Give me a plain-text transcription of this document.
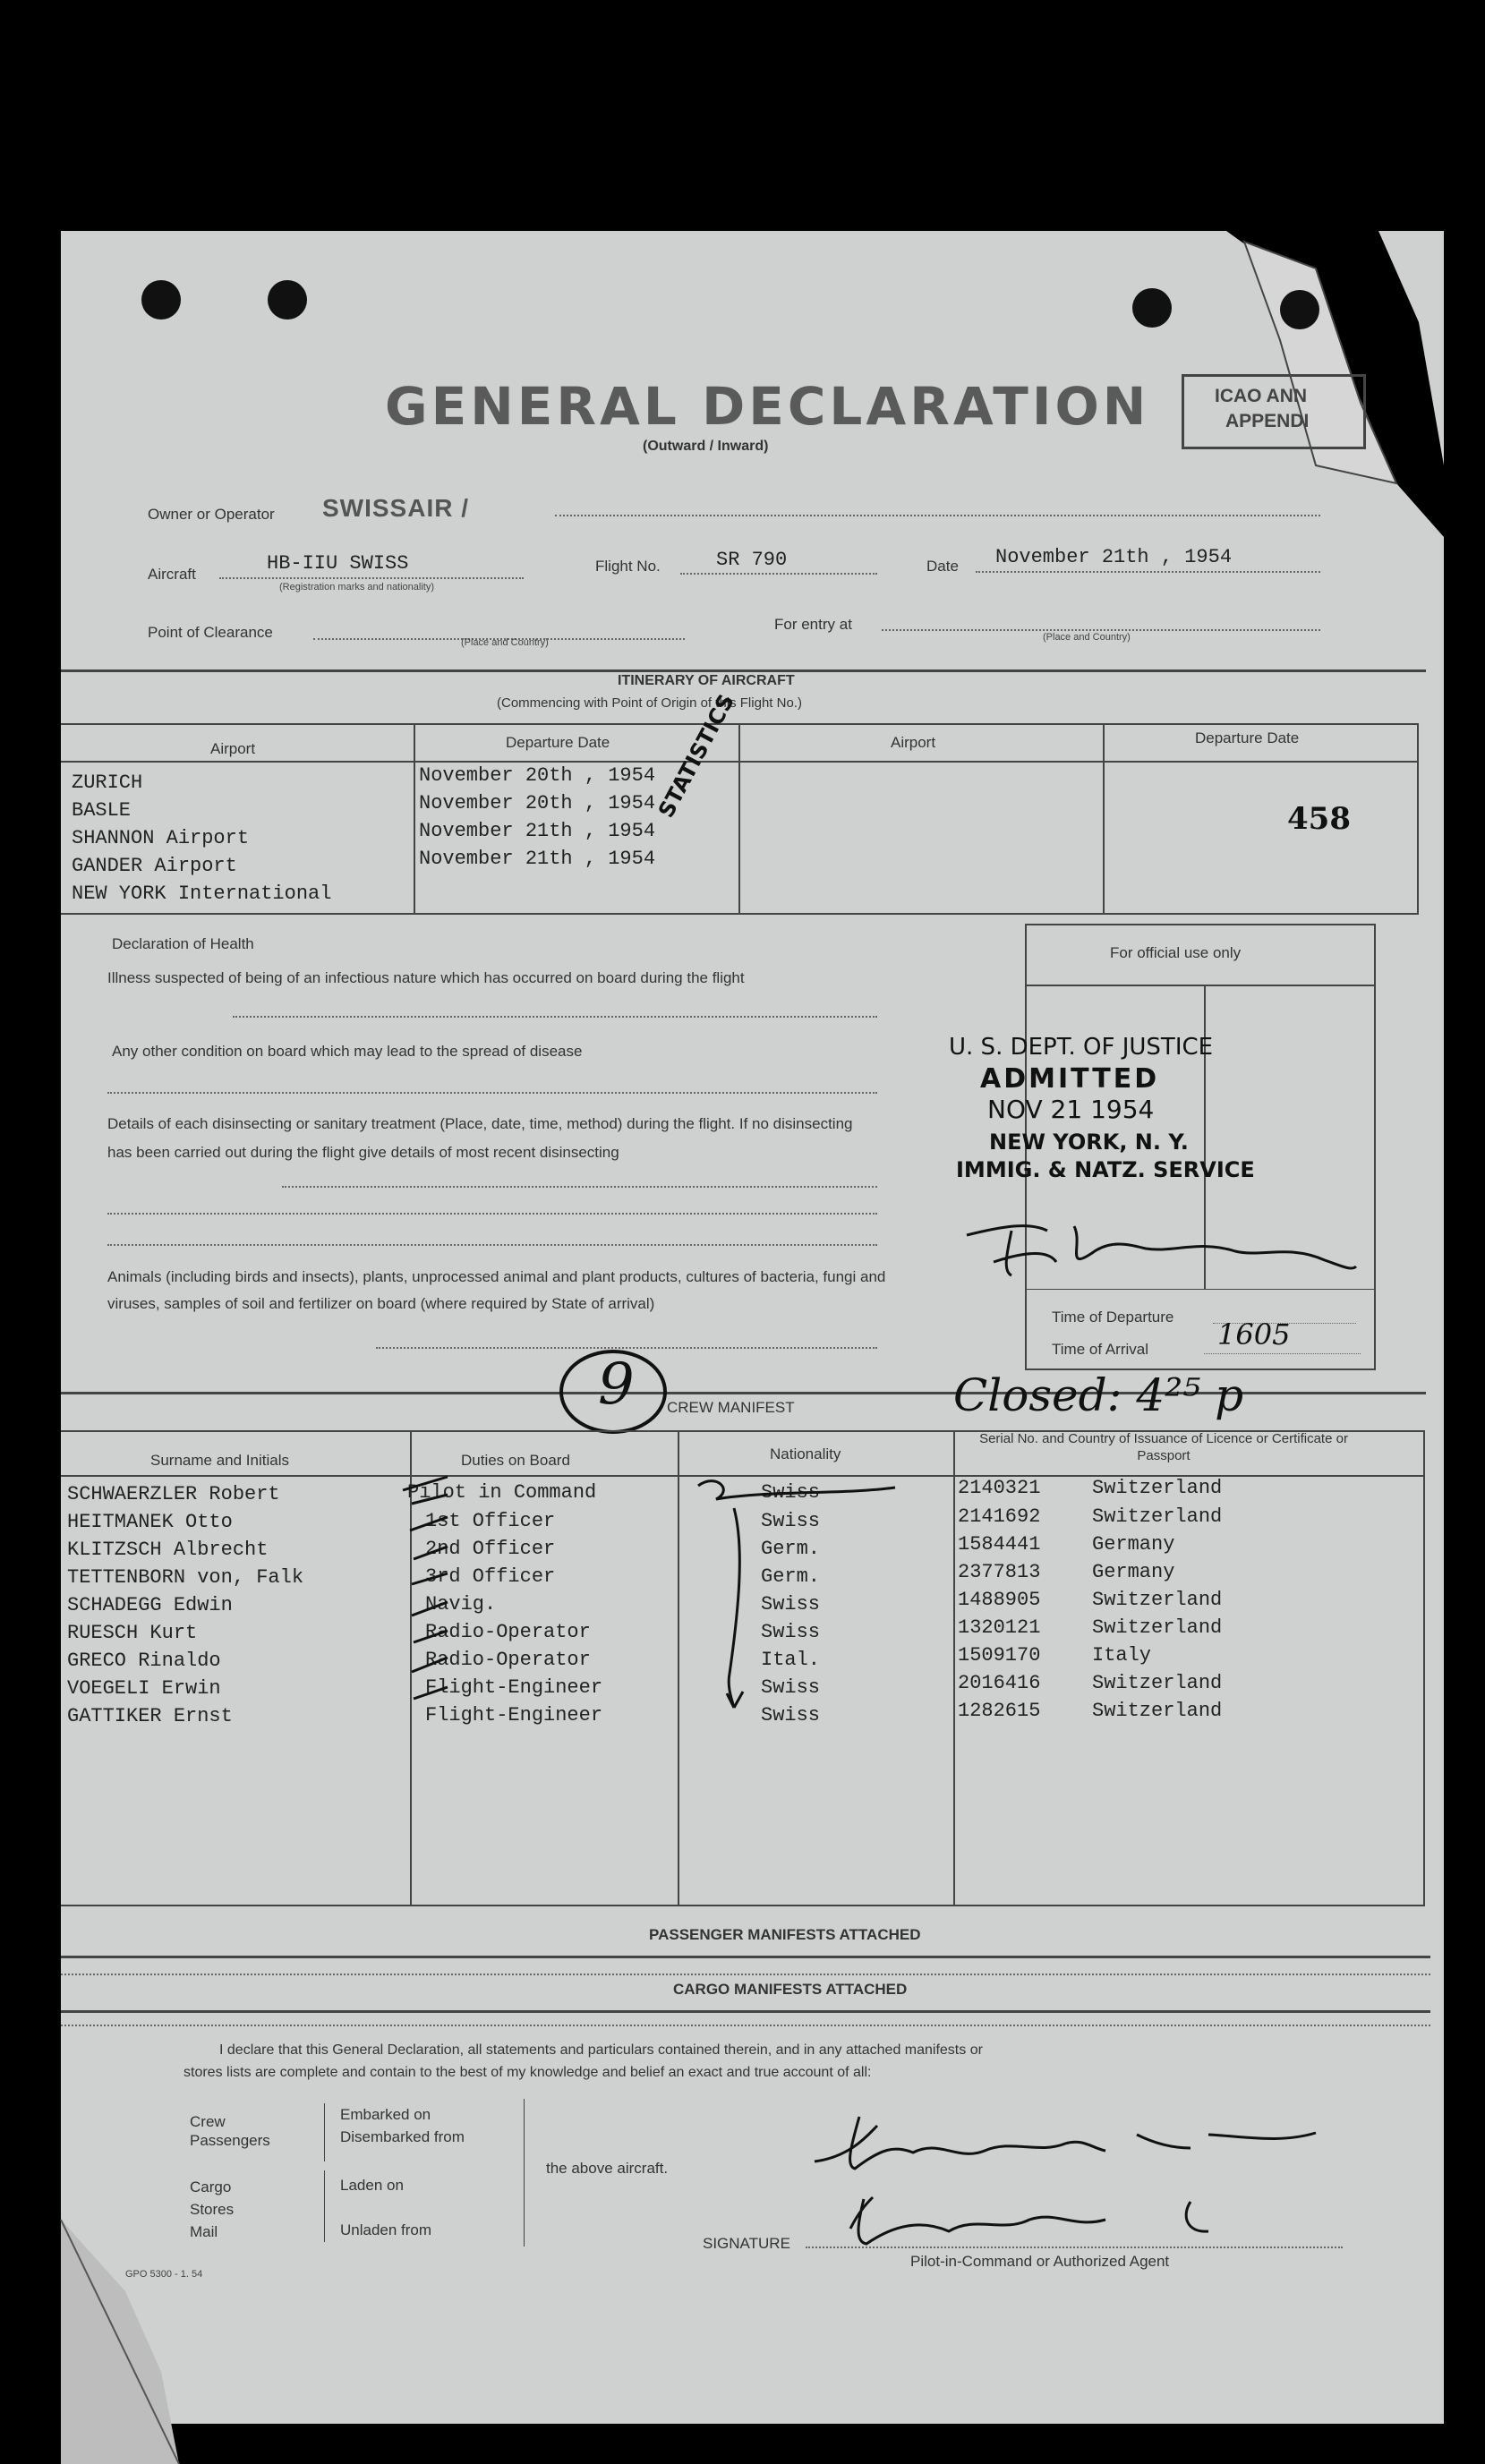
GENERAL DECLARATION
(Outward / Inward)
ICAO ANN
APPENDI
Owner or Operator SWISSAIR /
Aircraft	HB-IIU SWISS
(Registration marks and nationality)
Flight No.	SR 790	Date November 21th , 1954
Point of Clearance
(Place and Country)
For entry at
(Place and Country)
ITINERARY OF AIRCRAFT
(Commencing with Point of Origin of this Flight No.)
Airport	Departure Date	Airport	Departure Date
ZURICH	November 20th , 1954
BASLE	November 20th , 1954
SHANNON Airport	November 21th , 1954
GANDER Airport	November 21th , 1954
NEW YORK International
STATISTICS	458
Declaration of Health
Illness suspected of being of an infectious nature which has occurred on board during the flight
Any other condition on board which may lead to the spread of disease
Details of each disinsecting or sanitary treatment (Place, date, time, method) during the flight. If no disinsecting has been carried out during the flight give details of most recent disinsecting
Animals (including birds and insects), plants, unprocessed animal and plant products, cultures of bacteria, fungi and viruses, samples of soil and fertilizer on board (where required by State of arrival)
For official use only
U. S. DEPT. OF JUSTICE
ADMITTED
NOV 21 1954
NEW YORK, N. Y.
IMMIG. & NATZ. SERVICE
Time of Departure
Time of Arrival 1605
9 CREW MANIFEST	Closed: 4²⁵ p
Surname and Initials	Duties on Board	Nationality
Serial No. and Country of Issuance of Licence or Certificate or Passport
SCHWAERZLER Robert	Pilot in Command	Swiss	2140321	Switzerland
HEITMANEK Otto	1st Officer	Swiss	2141692	Switzerland
KLITZSCH Albrecht	2nd Officer	Germ.	1584441	Germany
TETTENBORN von, Falk	3rd Officer	Germ.	2377813	Germany
SCHADEGG Edwin	Navig.	Swiss	1488905	Switzerland
RUESCH Kurt	Radio-Operator	Swiss	1320121	Switzerland
GRECO Rinaldo	Radio-Operator	Ital.	1509170	Italy
VOEGELI Erwin	Flight-Engineer	Swiss	2016416	Switzerland
GATTIKER Ernst	Flight-Engineer	Swiss	1282615	Switzerland
PASSENGER MANIFESTS ATTACHED
CARGO MANIFESTS ATTACHED
I declare that this General Declaration, all statements and particulars contained therein, and in any attached manifests or
stores lists are complete and contain to the best of my knowledge and belief an exact and true account of all:
Crew
Passengers
Cargo
Stores
Mail
Embarked on
Disembarked from
Laden on
Unladen from
the above aircraft.
SIGNATURE
Pilot-in-Command or Authorized Agent
GPO 5300 - 1. 54
